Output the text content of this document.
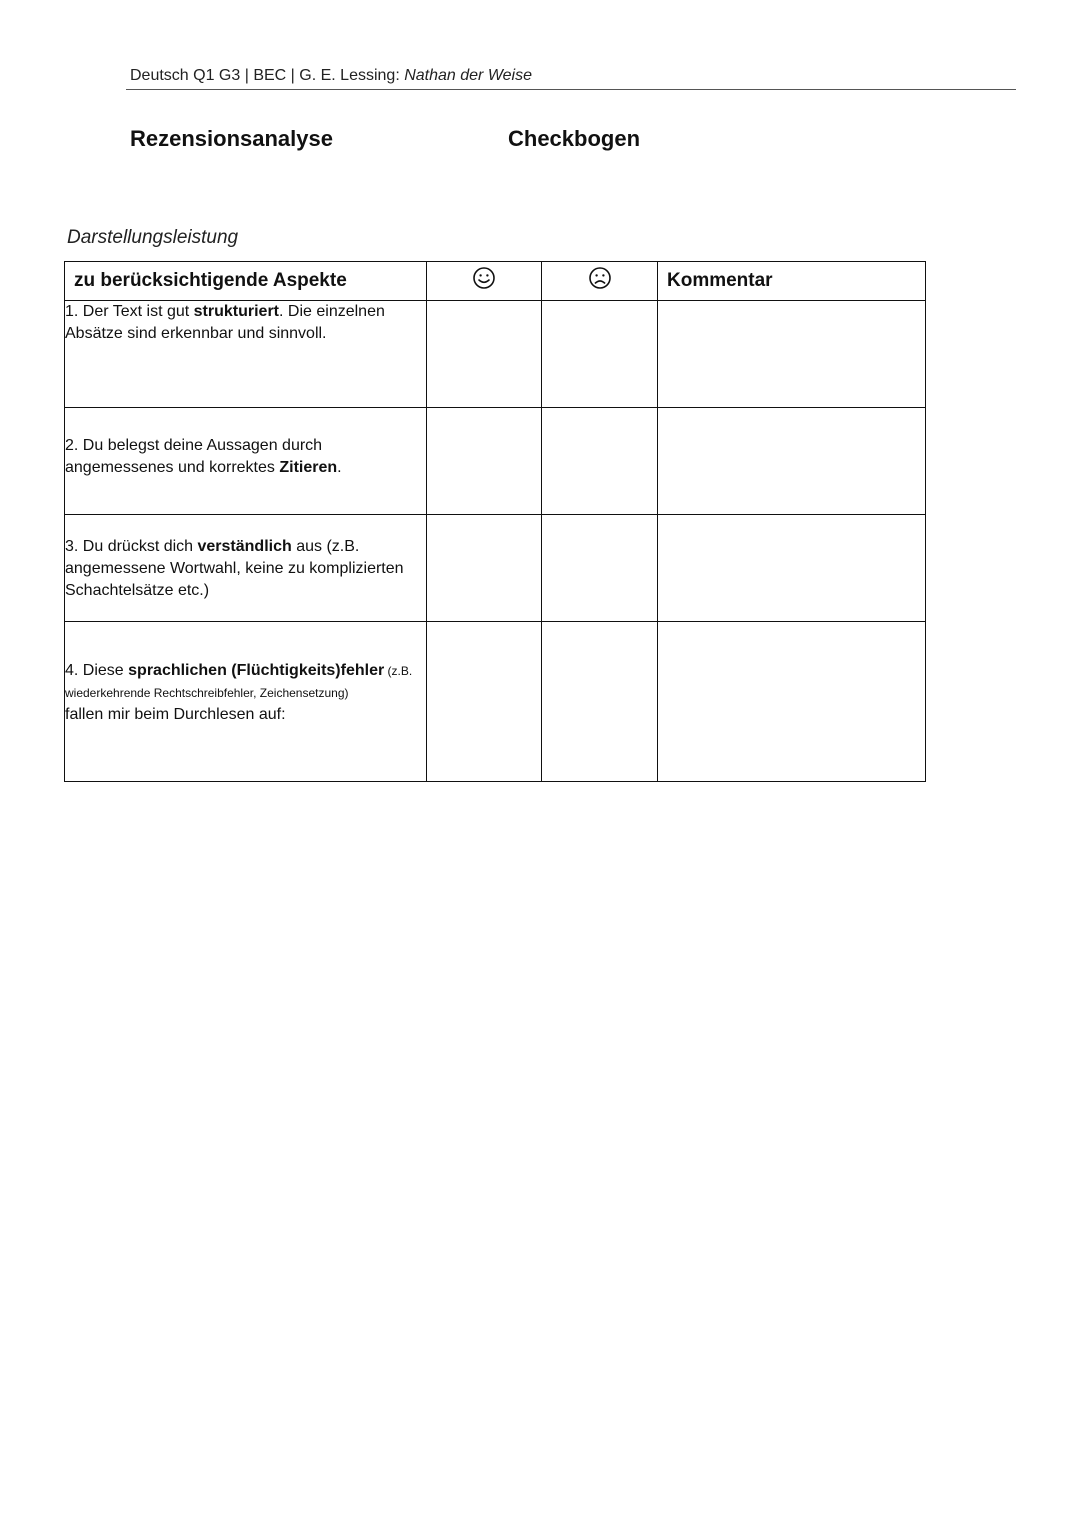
Deutsch Q1 G3 | BEC | G. E. Lessing: Nathan der Weise
Rezensionsanalyse	Checkbogen
Darstellungsleistung
zu berücksichtigende Aspekte			Kommentar
1. Der Text ist gut strukturiert. Die einzelnen Absätze sind erkennbar und sinnvoll.			
2. Du belegst deine Aussagen durch angemessenes und korrektes Zitieren.			
3. Du drückst dich verständlich aus (z.B. angemessene Wortwahl, keine zu komplizierten Schachtelsätze etc.)			
4. Diese sprachlichen (Flüchtigkeits)fehler (z.B. wiederkehrende Rechtschreibfehler, Zeichensetzung)
fallen mir beim Durchlesen auf:			
